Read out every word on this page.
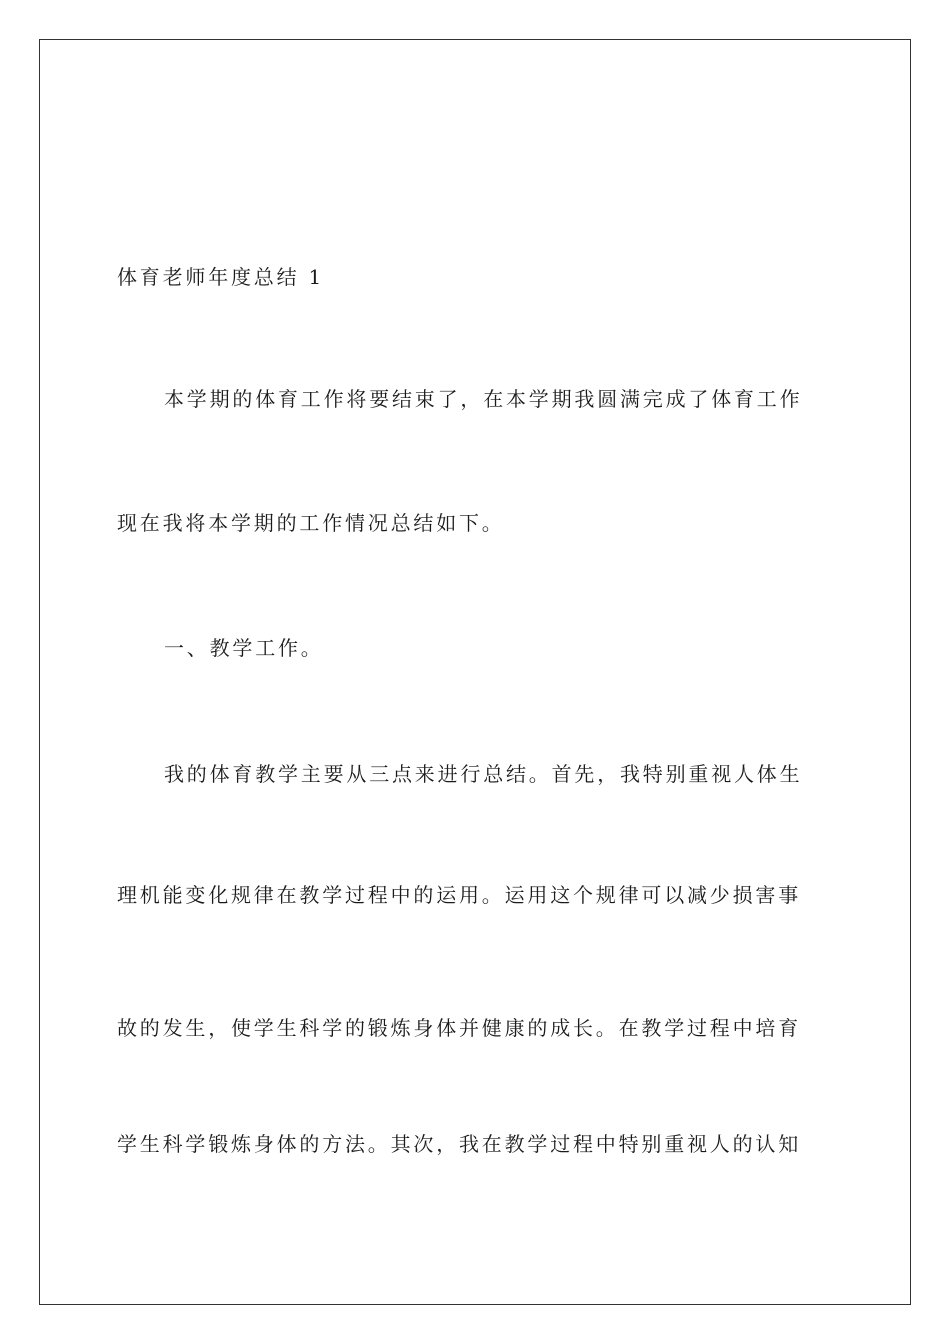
体育老师年度总结 1
本学期的体育工作将要结束了，在本学期我圆满完成了体育工作
现在我将本学期的工作情况总结如下。
一、教学工作。
我的体育教学主要从三点来进行总结。首先，我特别重视人体生
理机能变化规律在教学过程中的运用。运用这个规律可以减少损害事
故的发生，使学生科学的锻炼身体并健康的成长。在教学过程中培育
学生科学锻炼身体的方法。其次，我在教学过程中特别重视人的认知
